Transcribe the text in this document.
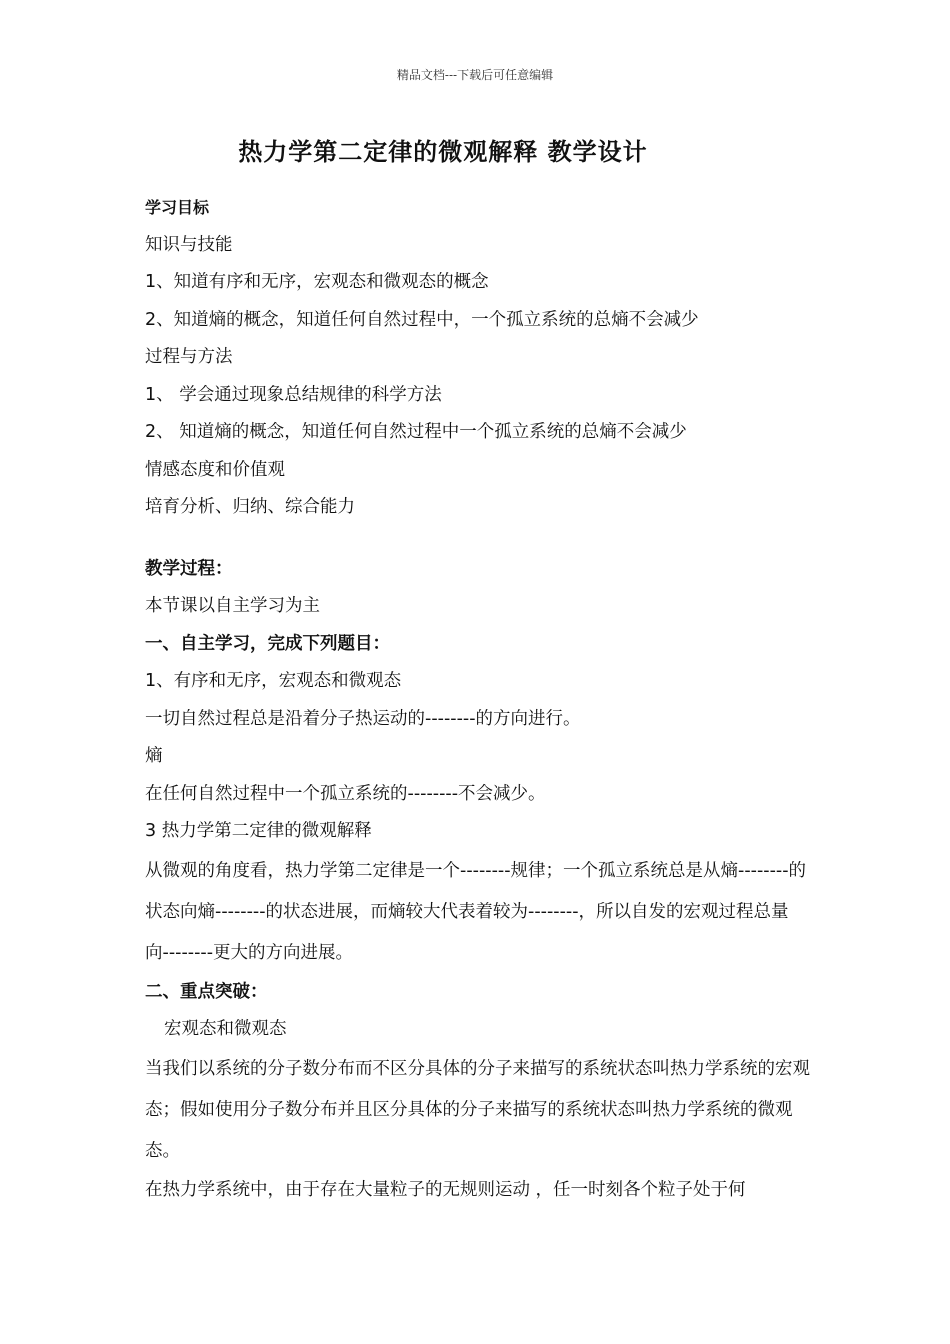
精品文档---下载后可任意编辑
热力学第二定律的微观解释 教学设计
学习目标
知识与技能
1、知道有序和无序，宏观态和微观态的概念
2、知道熵的概念，知道任何自然过程中，一个孤立系统的总熵不会减少
过程与方法
1、 学会通过现象总结规律的科学方法
2、 知道熵的概念，知道任何自然过程中一个孤立系统的总熵不会减少
情感态度和价值观
培育分析、归纳、综合能力
教学过程：
本节课以自主学习为主
一、自主学习，完成下列题目：
1、有序和无序，宏观态和微观态
一切自然过程总是沿着分子热运动的--------的方向进行。
熵
在任何自然过程中一个孤立系统的--------不会减少。
3 热力学第二定律的微观解释
从微观的角度看，热力学第二定律是一个--------规律；一个孤立系统总是从熵--------的状态向熵--------的状态进展，而熵较大代表着较为--------，所以自发的宏观过程总量向--------更大的方向进展。
二、重点突破：
宏观态和微观态
当我们以系统的分子数分布而不区分具体的分子来描写的系统状态叫热力学系统的宏观态；假如使用分子数分布并且区分具体的分子来描写的系统状态叫热力学系统的微观态。
在热力学系统中，由于存在大量粒子的无规则运动 ，任一时刻各个粒子处于何
